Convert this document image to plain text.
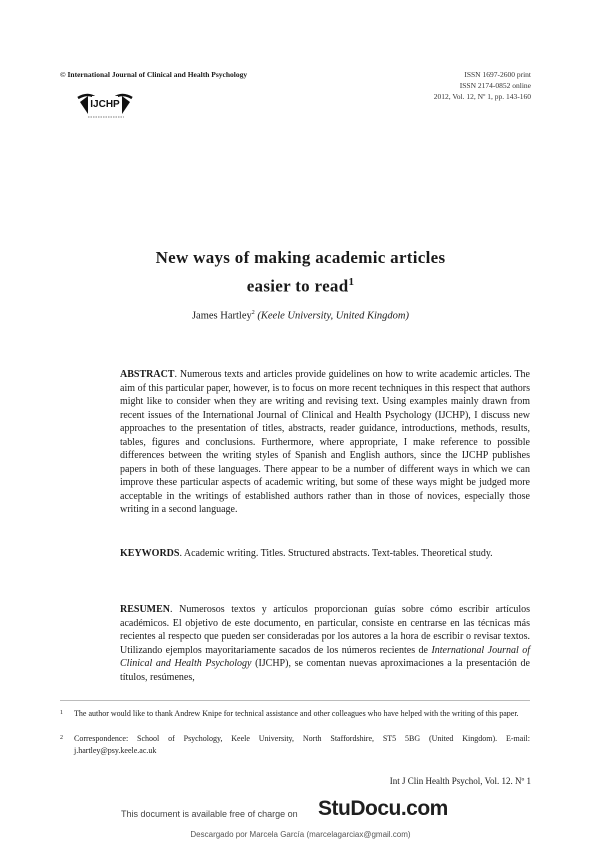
© International Journal of Clinical and Health Psychology	ISSN 1697-2600 print
ISSN 2174-0852 online
2012, Vol. 12, Nº 1, pp. 143-160
IJCHP
New ways of making academic articles
easier to read$^1$
James Hartley$^2$ (Keele University, United Kingdom)
ABSTRACT. Numerous texts and articles provide guidelines on how to write academic articles. The aim of this particular paper, however, is to focus on more recent techniques in this respect that authors might like to consider when they are writing and revising text. Using examples mainly drawn from recent issues of the International Journal of Clinical and Health Psychology (IJCHP), I discuss new approaches to the presentation of titles, abstracts, reader guidance, introductions, methods, results, tables, figures and conclusions. Furthermore, where appropriate, I make reference to possible differences between the writing styles of Spanish and English authors, since the IJCHP publishes papers in both of these languages. There appear to be a number of different ways in which we can improve these particular aspects of academic writing, but some of these ways might be judged more acceptable in the writings of established authors rather than in those of novices, especially those writing in a second language.
KEYWORDS. Academic writing. Titles. Structured abstracts. Text-tables. Theoretical study.
RESUMEN. Numerosos textos y artículos proporcionan guías sobre cómo escribir artículos académicos. El objetivo de este documento, en particular, consiste en centrarse en las técnicas más recientes al respecto que pueden ser consideradas por los autores a la hora de escribir o revisar textos. Utilizando ejemplos mayoritariamente sacados de los números recientes de International Journal of Clinical and Health Psychology (IJCHP), se comentan nuevas aproximaciones a la presentación de títulos, resúmenes,
1 The author would like to thank Andrew Knipe for technical assistance and other colleagues who have helped with the writing of this paper.
2 Correspondence: School of Psychology, Keele University, North Staffordshire, ST5 5BG (United Kingdom). E-mail: j.hartley@psy.keele.ac.uk
Int J Clin Health Psychol, Vol. 12. Nº 1
This document is available free of charge on StuDocu.com
Descargado por Marcela García (marcelagarciax@gmail.com)
